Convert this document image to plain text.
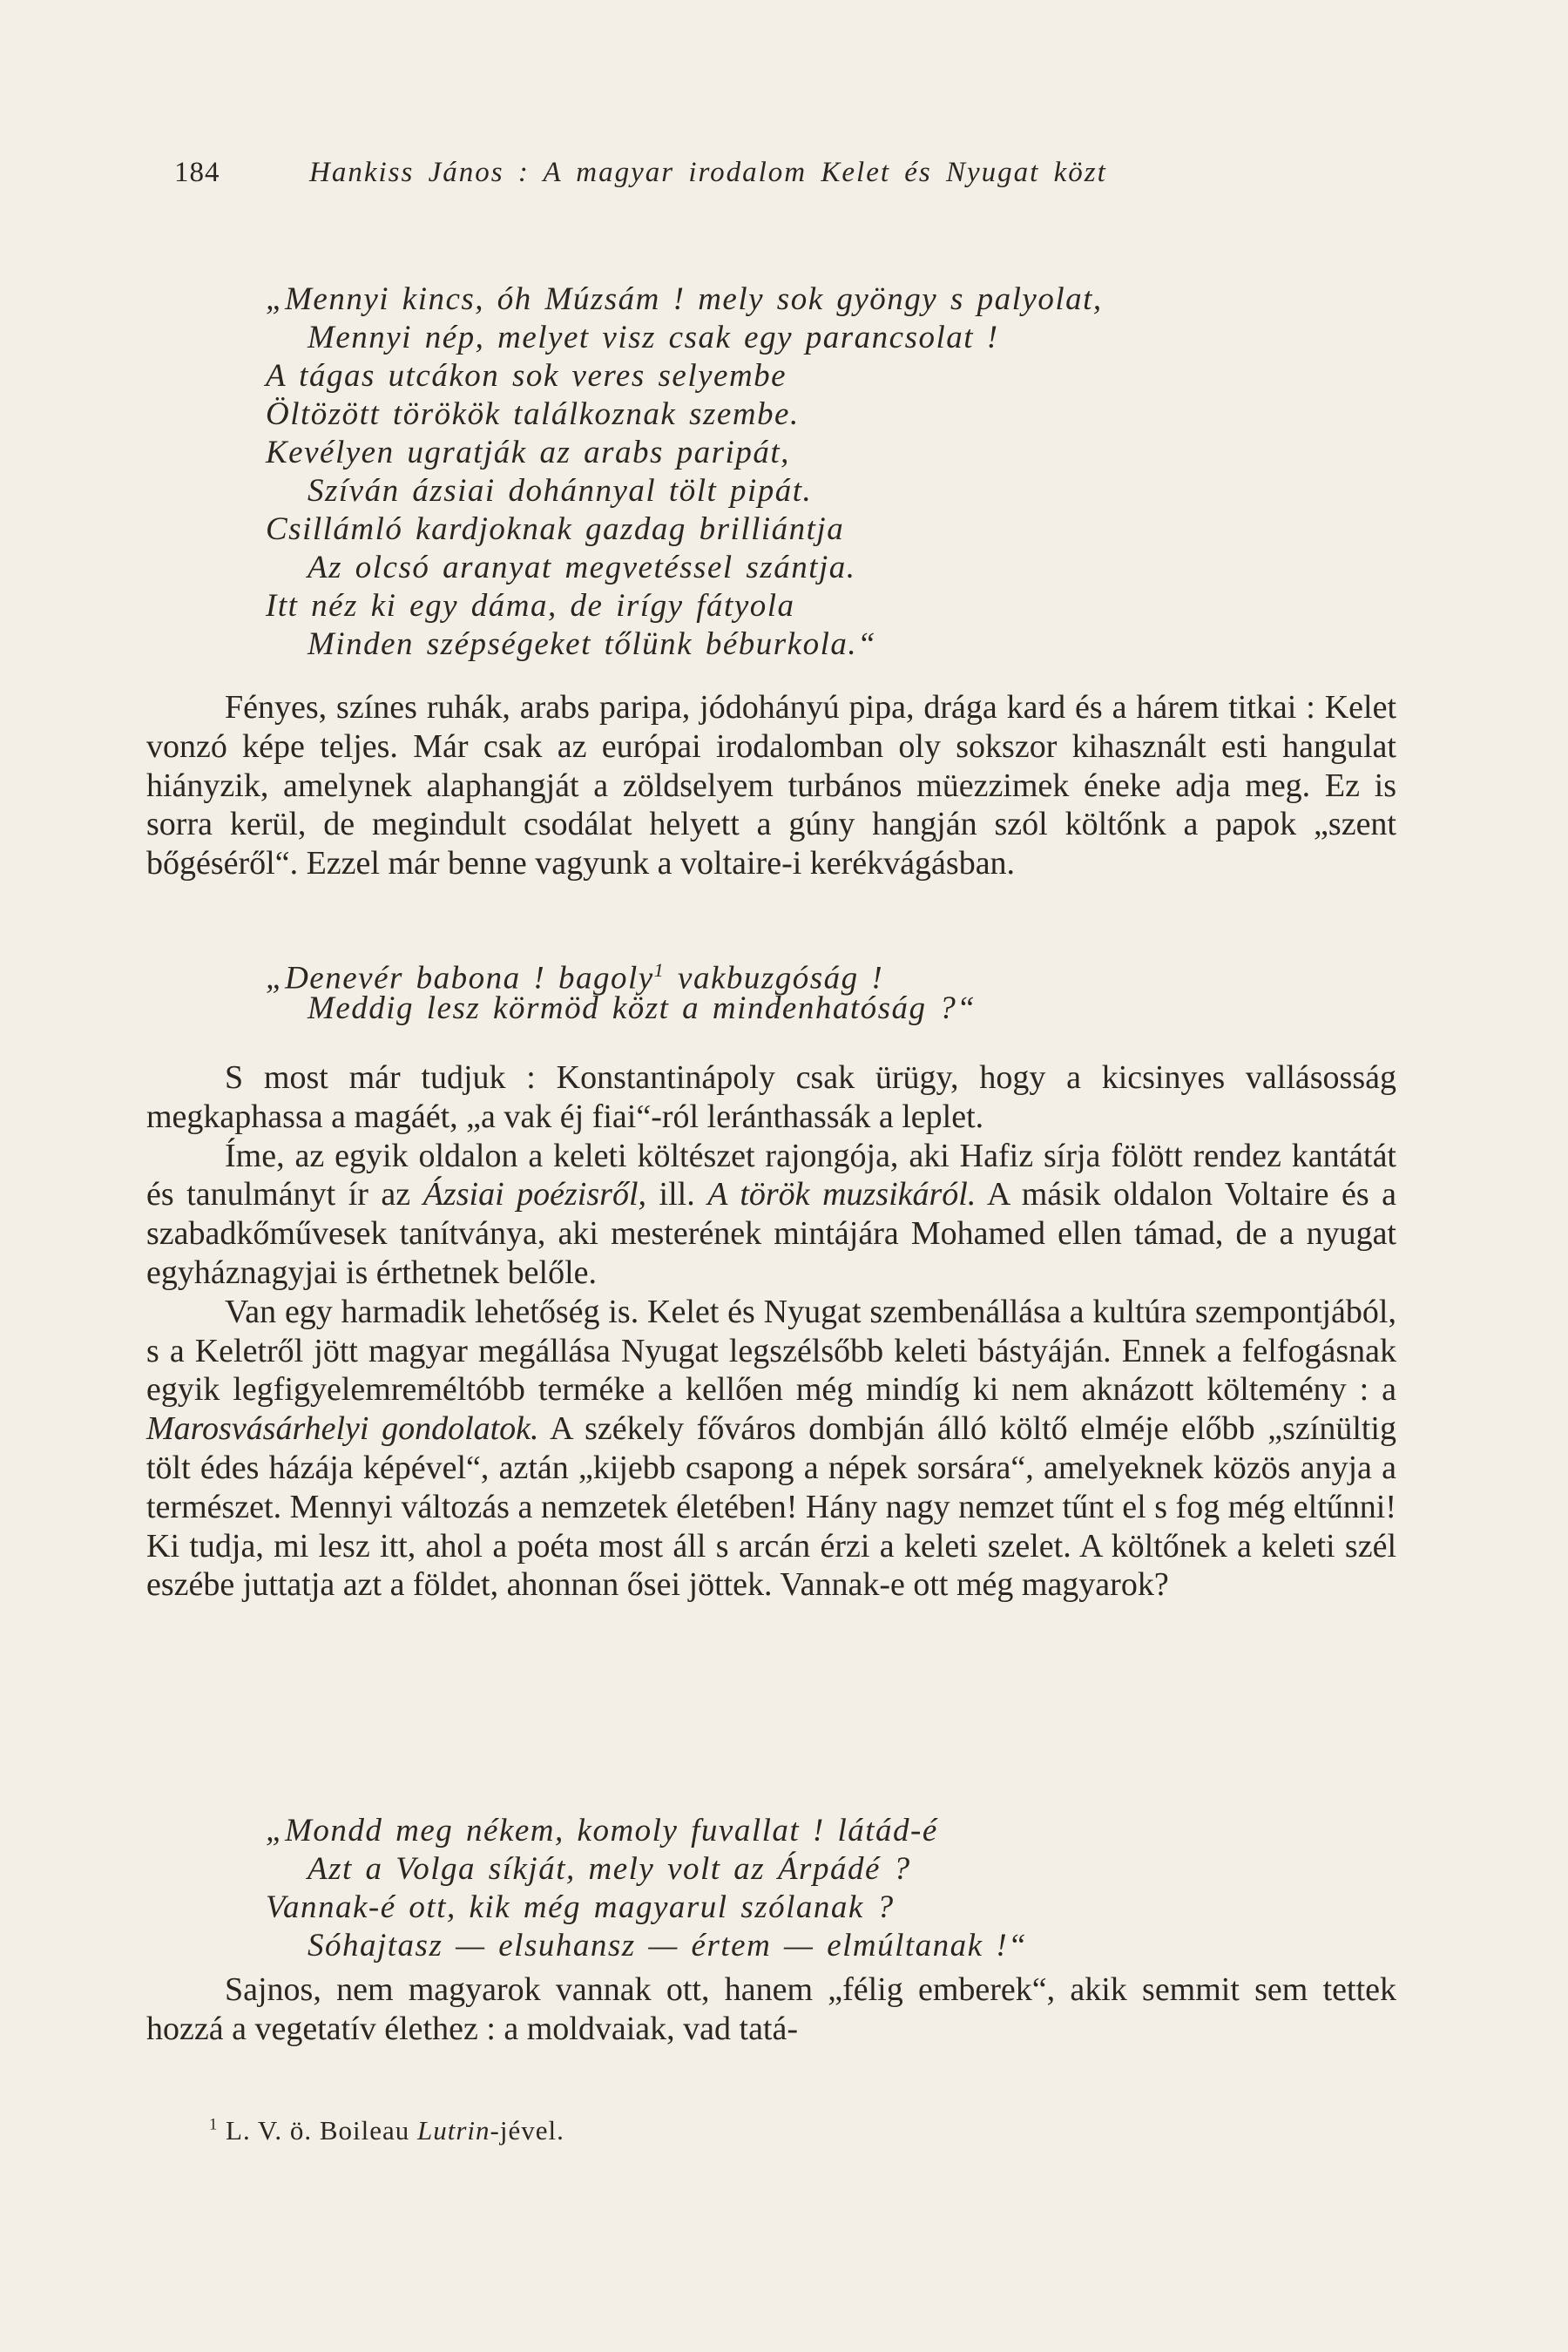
184	Hankiss János : A magyar irodalom Kelet és Nyugat közt
„Mennyi kincs, óh Múzsám ! mely sok gyöngy s palyolat,
Mennyi nép, melyet visz csak egy parancsolat !
A tágas utcákon sok veres selyembe
Öltözött törökök találkoznak szembe.
Kevélyen ugratják az arabs paripát,
Szíván ázsiai dohánnyal tölt pipát.
Csillámló kardjoknak gazdag brilliántja
Az olcsó aranyat megvetéssel szántja.
Itt néz ki egy dáma, de irígy fátyola
Minden szépségeket tőlünk béburkola.“

Fényes, színes ruhák, arabs paripa, jódohányú pipa, drága kard és a hárem titkai : Kelet vonzó képe teljes. Már csak az európai irodalomban oly sokszor kihasznált esti hangulat hiányzik, amelynek alaphangját a zöldselyem turbános müezzimek éneke adja meg. Ez is sorra kerül, de megindult csodálat helyett a gúny hangján szól költőnk a papok „szent bőgéséről“. Ezzel már benne vagyunk a voltaire-i kerékvágásban.

„Denevér babona ! bagoly$^1$ vakbuzgóság !
Meddig lesz körmöd közt a mindenhatóság ?“

S most már tudjuk : Konstantinápoly csak ürügy, hogy a kicsinyes vallásosság megkaphassa a magáét, „a vak éj fiai“-ról leránthassák a leplet.

Íme, az egyik oldalon a keleti költészet rajongója, aki Hafiz sírja fölött rendez kantátát és tanulmányt ír az Ázsiai poézisről, ill. A török muzsikáról. A másik oldalon Voltaire és a szabadkőművesek tanítványa, aki mesterének mintájára Mohamed ellen támad, de a nyugat egyháznagyjai is érthetnek belőle.

Van egy harmadik lehetőség is. Kelet és Nyugat szembenállása a kultúra szempontjából, s a Keletről jött magyar megállása Nyugat legszélsőbb keleti bástyáján. Ennek a felfogásnak egyik legfigyelemreméltóbb terméke a kellően még mindíg ki nem aknázott költemény : a Marosvásárhelyi gondolatok. A székely főváros dombján álló költő elméje előbb „színültig tölt édes házája képével“, aztán „kijebb csapong a népek sorsára“, amelyeknek közös anyja a természet. Mennyi változás a nemzetek életében! Hány nagy nemzet tűnt el s fog még eltűnni! Ki tudja, mi lesz itt, ahol a poéta most áll s arcán érzi a keleti szelet. A költőnek a keleti szél eszébe juttatja azt a földet, ahonnan ősei jöttek. Vannak-e ott még magyarok?

„Mondd meg nékem, komoly fuvallat ! látád-é
Azt a Volga síkját, mely volt az Árpádé ?
Vannak-é ott, kik még magyarul szólanak ?
Sóhajtasz — elsuhansz — értem — elmúltanak !“

Sajnos, nem magyarok vannak ott, hanem „félig emberek“, akik semmit sem tettek hozzá a vegetatív élethez : a moldvaiak, vad tatá-

$^1$ L. V. ö. Boileau Lutrin-jével.
